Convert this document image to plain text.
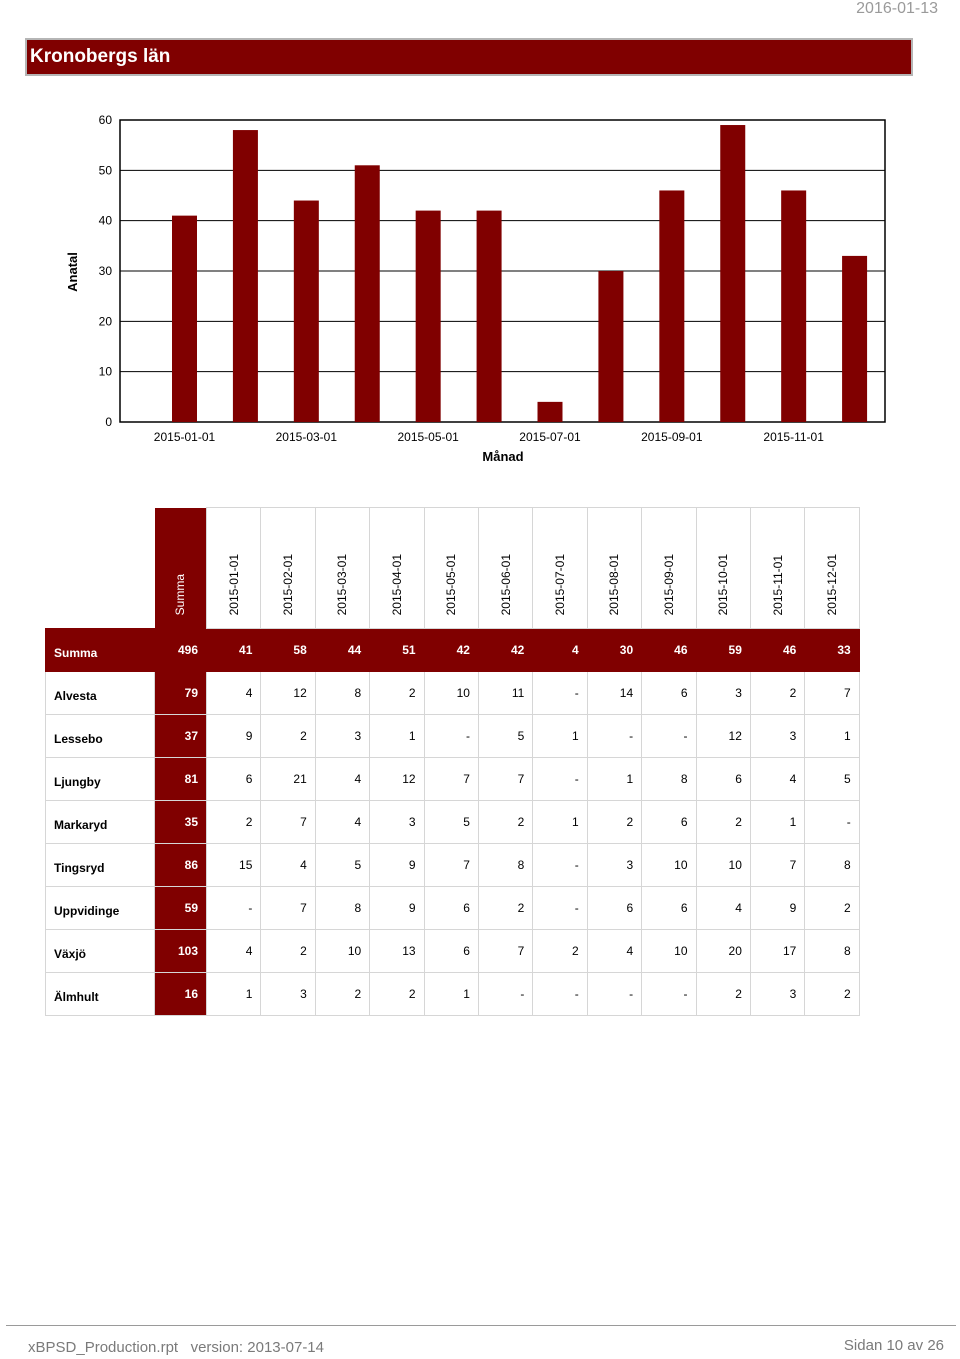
2016-01-13
Kronobergs län
0
10
20
30
40
50
60
2015-01-01	2015-03-01	2015-05-01	2015-07-01	2015-09-01	2015-11-01
Månad
Anatal
	Summa	2015-01-01	2015-02-01	2015-03-01	2015-04-01	2015-05-01	2015-06-01	2015-07-01	2015-08-01	2015-09-01	2015-10-01	2015-11-01	2015-12-01
Summa	496	41	58	44	51	42	42	4	30	46	59	46	33
Alvesta	79	4	12	8	2	10	11	-	14	6	3	2	7
Lessebo	37	9	2	3	1	-	5	1	-	-	12	3	1
Ljungby	81	6	21	4	12	7	7	-	1	8	6	4	5
Markaryd	35	2	7	4	3	5	2	1	2	6	2	1	-
Tingsryd	86	15	4	5	9	7	8	-	3	10	10	7	8
Uppvidinge	59	-	7	8	9	6	2	-	6	6	4	9	2
Växjö	103	4	2	10	13	6	7	2	4	10	20	17	8
Älmhult	16	1	3	2	2	1	-	-	-	-	2	3	2
xBPSD_Production.rpt   version: 2013-07-14	Sidan 10 av 26
